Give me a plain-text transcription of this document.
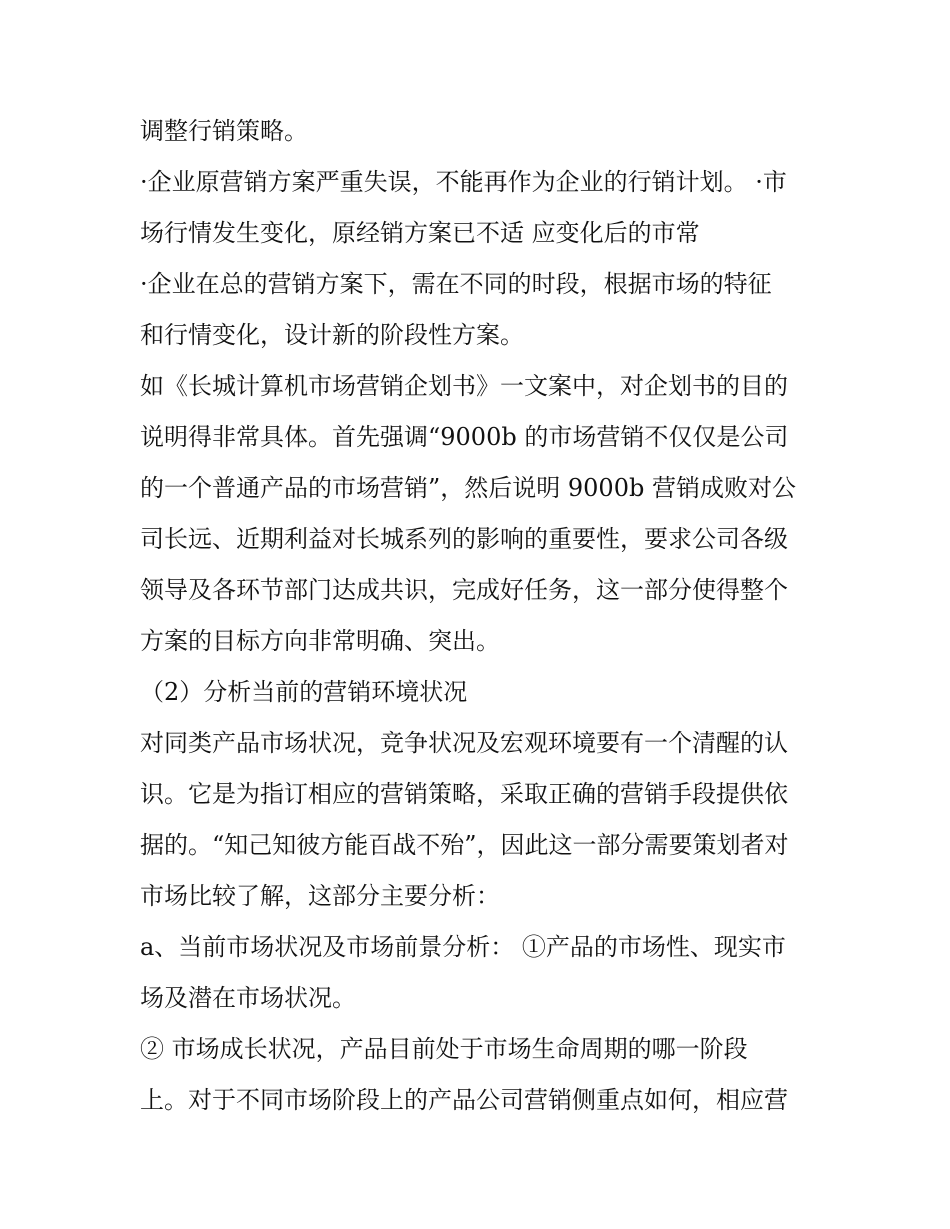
调整行销策略。
·企业原营销方案严重失误，不能再作为企业的行销计划。 ·市
场行情发生变化，原经销方案已不适 应变化后的市常
·企业在总的营销方案下，需在不同的时段，根据市场的特征
和行情变化，设计新的阶段性方案。
如《长城计算机市场营销企划书》一文案中，对企划书的目的
说明得非常具体。首先强调“9000b 的市场营销不仅仅是公司
的一个普通产品的市场营销”，然后说明 9000b 营销成败对公
司长远、近期利益对长城系列的影响的重要性，要求公司各级
领导及各环节部门达成共识，完成好任务，这一部分使得整个
方案的目标方向非常明确、突出。
（2）分析当前的营销环境状况
对同类产品市场状况，竞争状况及宏观环境要有一个清醒的认
识。它是为指订相应的营销策略，采取正确的营销手段提供依
据的。“知己知彼方能百战不殆”，因此这一部分需要策划者对
市场比较了解，这部分主要分析：
a、当前市场状况及市场前景分析： ①产品的市场性、现实市
场及潜在市场状况。
② 市场成长状况，产品目前处于市场生命周期的哪一阶段
上。对于不同市场阶段上的产品公司营销侧重点如何，相应营
